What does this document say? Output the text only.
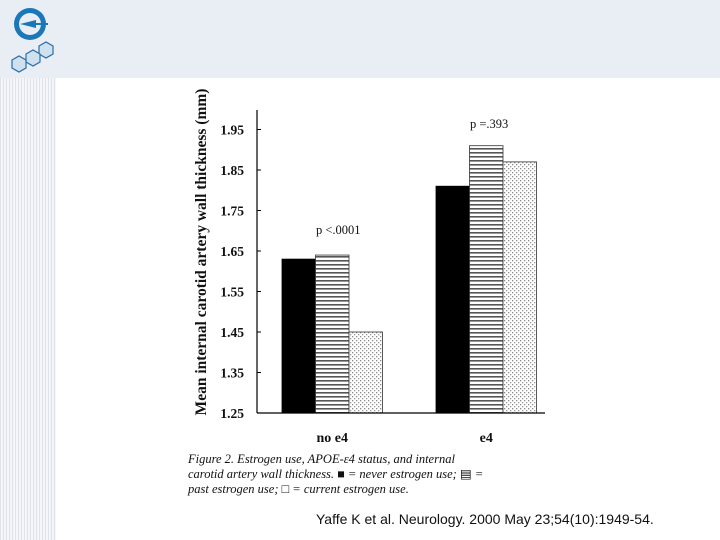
1.95
1.85
1.75
1.65
1.55
1.45
1.35
1.25
no e4	e4
Mean internal carotid artery wall thickness (mm)	p <.0001
p =.393
Figure 2. Estrogen use, APOE-ε4 status, and internal
carotid artery wall thickness. ■ = never estrogen use; ▤ =
past estrogen use; □ = current estrogen use.
Yaffe K et al. Neurology. 2000 May 23;54(10):1949-54.
